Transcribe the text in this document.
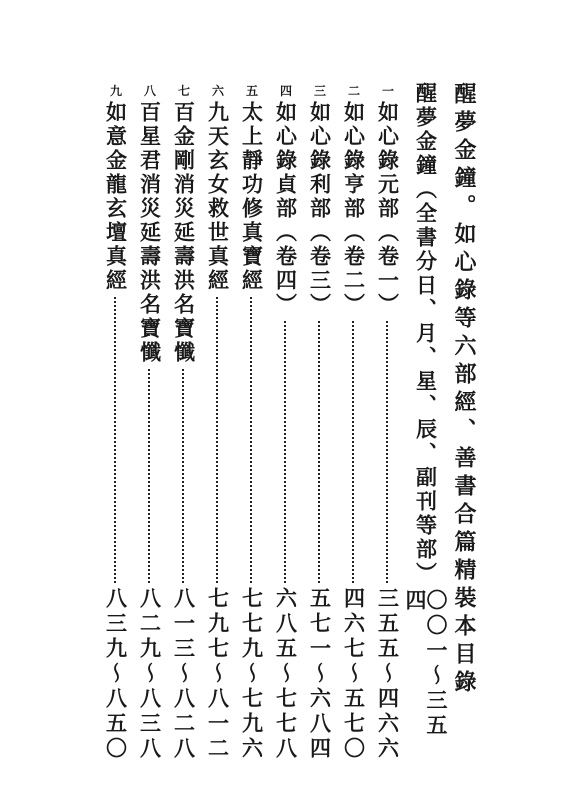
醒夢金鐘。如心錄等六部經、善書合篇精裝本目錄
醒夢金鐘（全書分日、月、星、辰、副刊等部）
〇〇一～三五四
一
如心錄元部（卷一）
三五五～四六六
二
如心錄亨部（卷二）
四六七～五七〇
三
如心錄利部（卷三）
五七一～六八四
四
如心錄貞部（卷四）
六八五～七七八
五
太上靜功修真寶經
七七九～七九六
六
九天玄女救世真經
七九七～八一二
七
百金剛消災延壽洪名寶懺
八一三～八二八
八
百星君消災延壽洪名寶懺
八二九～八三八
九
如意金龍玄壇真經
八三九～八五〇
